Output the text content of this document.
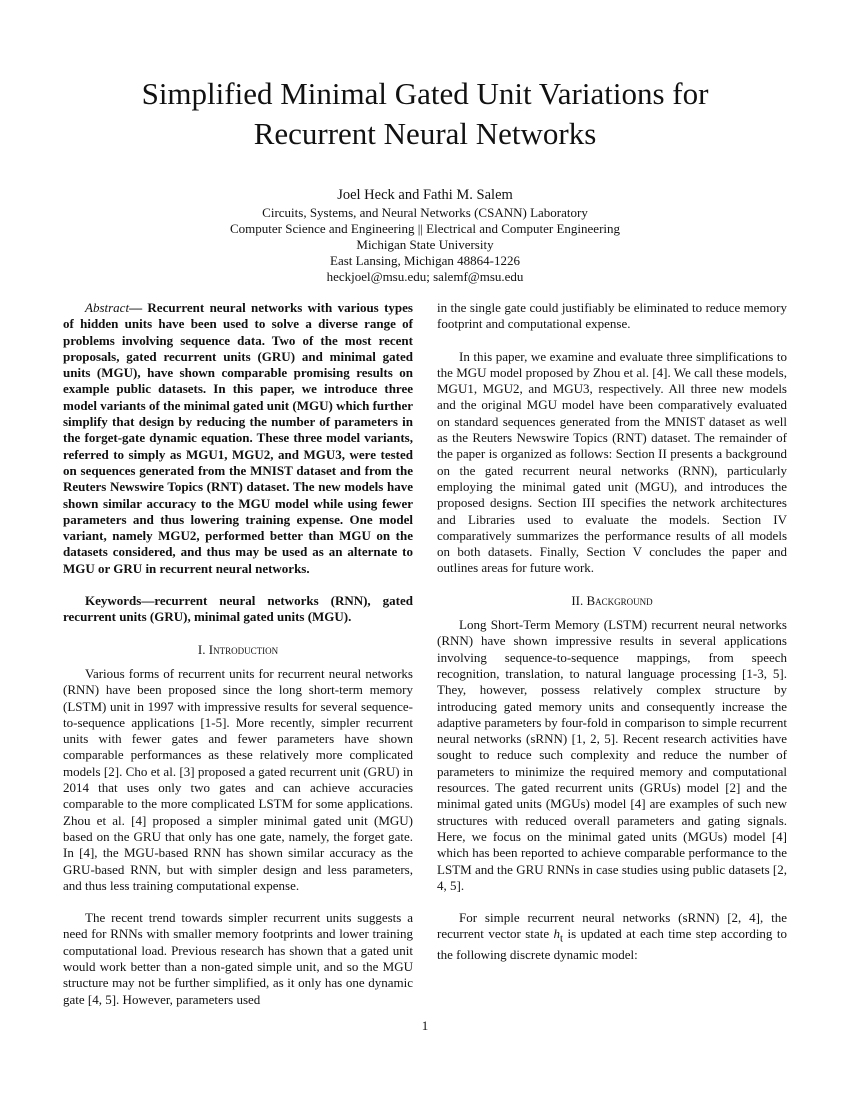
Simplified Minimal Gated Unit Variations for
Recurrent Neural Networks
Joel Heck and Fathi M. Salem
Circuits, Systems, and Neural Networks (CSANN) Laboratory
Computer Science and Engineering || Electrical and Computer Engineering
Michigan State University
East Lansing, Michigan 48864-1226
heckjoel@msu.edu; salemf@msu.edu

Abstract— Recurrent neural networks with various types of hidden units have been used to solve a diverse range of problems involving sequence data. Two of the most recent proposals, gated recurrent units (GRU) and minimal gated units (MGU), have shown comparable promising results on example public datasets. In this paper, we introduce three model variants of the minimal gated unit (MGU) which further simplify that design by reducing the number of parameters in the forget-gate dynamic equation. These three model variants, referred to simply as MGU1, MGU2, and MGU3, were tested on sequences generated from the MNIST dataset and from the Reuters Newswire Topics (RNT) dataset. The new models have shown similar accuracy to the MGU model while using fewer parameters and thus lowering training expense. One model variant, namely MGU2, performed better than MGU on the datasets considered, and thus may be used as an alternate to MGU or GRU in recurrent neural networks.

Keywords—recurrent neural networks (RNN), gated recurrent units (GRU), minimal gated units (MGU).

I. Introduction

Various forms of recurrent units for recurrent neural networks (RNN) have been proposed since the long short-term memory (LSTM) unit in 1997 with impressive results for several sequence-to-sequence applications [1-5]. More recently, simpler recurrent units with fewer gates and fewer parameters have shown comparable performances as these relatively more complicated models [2]. Cho et al. [3] proposed a gated recurrent unit (GRU) in 2014 that uses only two gates and can achieve accuracies comparable to the more complicated LSTM for some applications. Zhou et al. [4] proposed a simpler minimal gated unit (MGU) based on the GRU that only has one gate, namely, the forget gate. In [4], the MGU-based RNN has shown similar accuracy as the GRU-based RNN, but with simpler design and less parameters, and thus less training computational expense.

The recent trend towards simpler recurrent units suggests a need for RNNs with smaller memory footprints and lower training computational load. Previous research has shown that a gated unit would work better than a non-gated simple unit, and so the MGU structure may not be further simplified, as it only has one dynamic gate [4, 5]. However, parameters used

in the single gate could justifiably be eliminated to reduce memory footprint and computational expense.

In this paper, we examine and evaluate three simplifications to the MGU model proposed by Zhou et al. [4]. We call these models, MGU1, MGU2, and MGU3, respectively. All three new models and the original MGU model have been comparatively evaluated on standard sequences generated from the MNIST dataset as well as the Reuters Newswire Topics (RNT) dataset. The remainder of the paper is organized as follows: Section II presents a background on the gated recurrent neural networks (RNN), particularly employing the minimal gated unit (MGU), and introduces the proposed designs. Section III specifies the network architectures and Libraries used to evaluate the models. Section IV comparatively summarizes the performance results of all models on both datasets. Finally, Section V concludes the paper and outlines areas for future work.

II. Background

Long Short-Term Memory (LSTM) recurrent neural networks (RNN) have shown impressive results in several applications involving sequence-to-sequence mappings, from speech recognition, translation, to natural language processing [1-3, 5]. They, however, possess relatively complex structure by introducing gated memory units and consequently increase the adaptive parameters by four-fold in comparison to simple recurrent neural networks (sRNN) [1, 2, 5]. Recent research activities have sought to reduce such complexity and reduce the number of parameters to minimize the required memory and computational resources. The gated recurrent units (GRUs) model [2] and the minimal gated units (MGUs) model [4] are examples of such new structures with reduced overall parameters and gating signals. Here, we focus on the minimal gated units (MGUs) model [4] which has been reported to achieve comparable performance to the LSTM and the GRU RNNs in case studies using public datasets [2, 4, 5].

For simple recurrent neural networks (sRNN) [2, 4], the recurrent vector state $h_t$ is updated at each time step according to the following discrete dynamic model:

1
